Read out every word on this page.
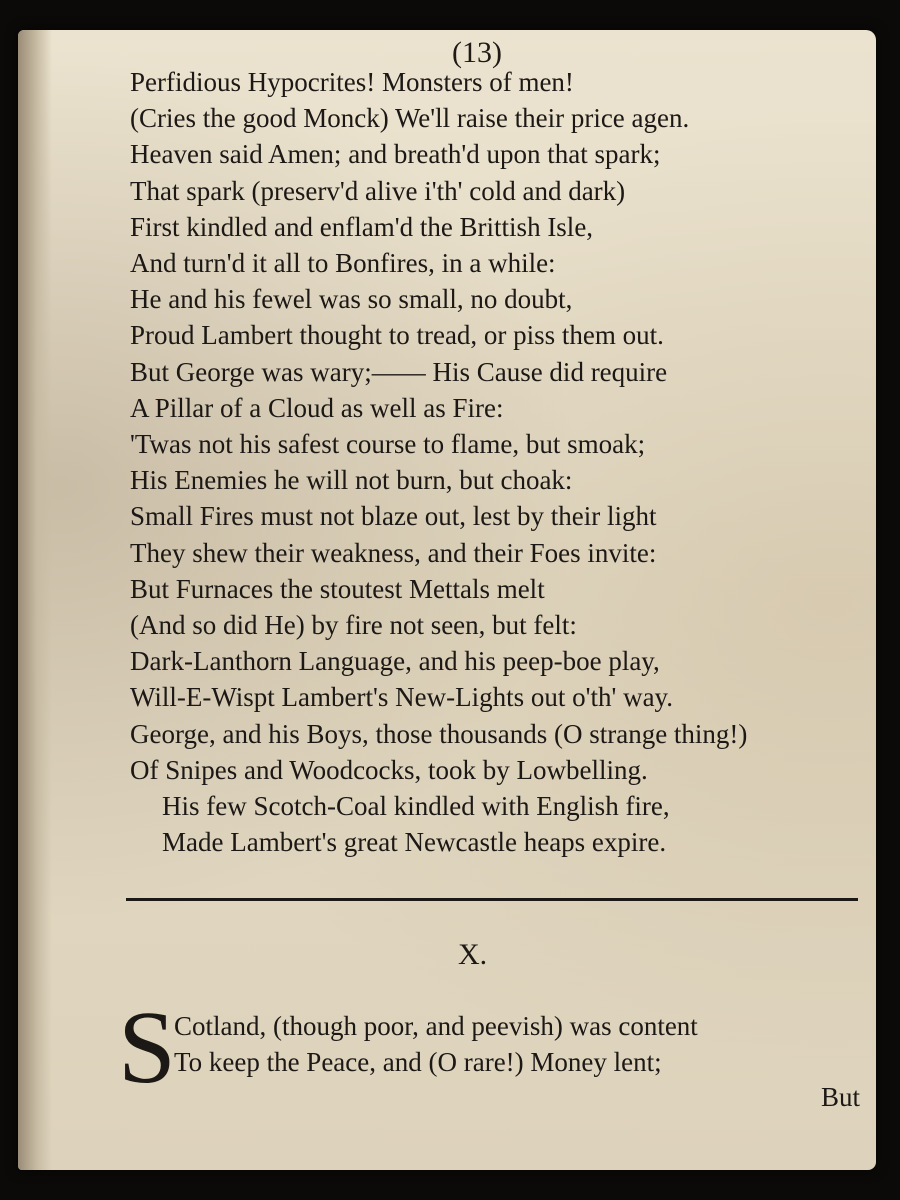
(13)
Perfidious Hypocrites! Monsters of men!
(Cries the good Monck) We'll raise their price agen.
Heaven said Amen; and breath'd upon that spark;
That spark (preserv'd alive i'th' cold and dark)
First kindled and enflam'd the Brittish Isle,
And turn'd it all to Bonfires, in a while:
He and his fewel was so small, no doubt,
Proud Lambert thought to tread, or piss them out.
But George was wary;—— His Cause did require
A Pillar of a Cloud as well as Fire:
'Twas not his safest course to flame, but smoak;
His Enemies he will not burn, but choak:
Small Fires must not blaze out, lest by their light
They shew their weakness, and their Foes invite:
But Furnaces the stoutest Mettals melt
(And so did He) by fire not seen, but felt:
Dark-Lanthorn Language, and his peep-boe play,
Will-E-Wispt Lambert's New-Lights out o'th' way.
George, and his Boys, those thousands (O strange thing!)
Of Snipes and Woodcocks, took by Lowbelling.
His few Scotch-Coal kindled with English fire,
Made Lambert's great Newcastle heaps expire.
X.
S
Cotland, (though poor, and peevish) was content
To keep the Peace, and (O rare!) Money lent;
But
